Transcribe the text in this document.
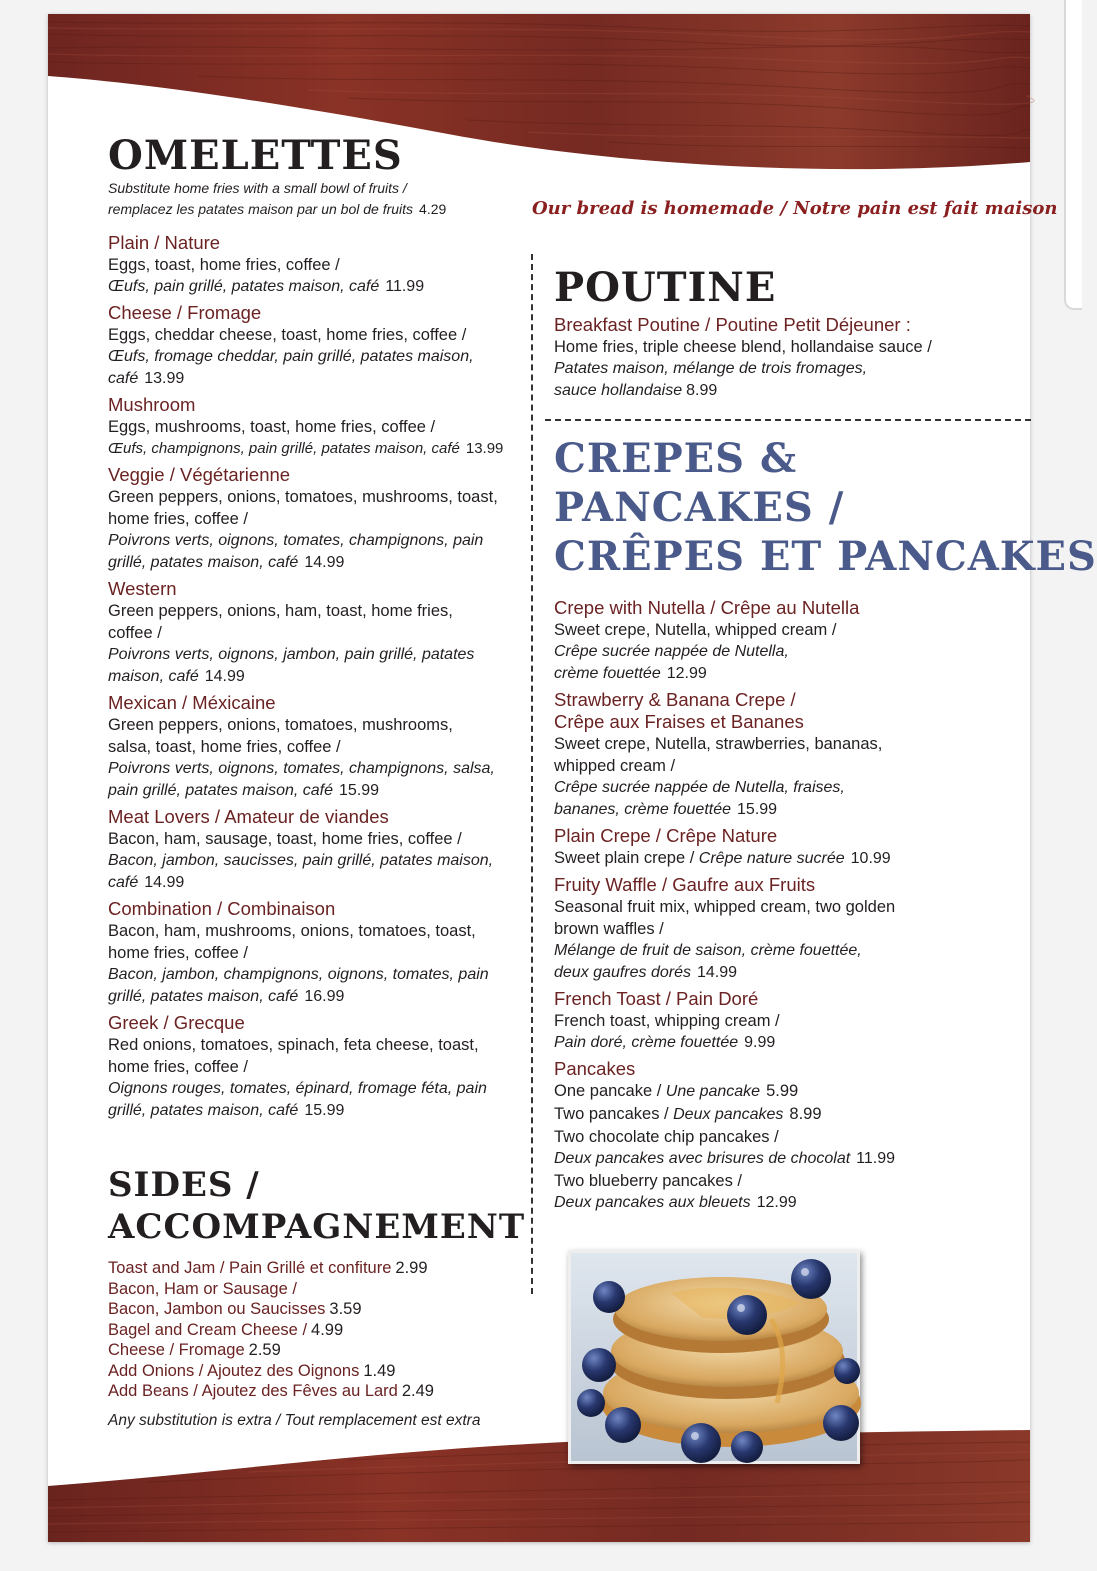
OMELETTES
Substitute home fries with a small bowl of fruits /
remplacez les patates maison par un bol de fruits 4.29
Plain / Nature
Eggs, toast, home fries, coffee /
Œufs, pain grillé, patates maison, café 11.99
Cheese / Fromage
Eggs, cheddar cheese, toast, home fries, coffee /
Œufs, fromage cheddar, pain grillé, patates maison, café 13.99
Mushroom
Eggs, mushrooms, toast, home fries, coffee /
Œufs, champignons, pain grillé, patates maison, café 13.99
Veggie / Végétarienne
Green peppers, onions, tomatoes, mushrooms, toast, home fries, coffee /
Poivrons verts, oignons, tomates, champignons, pain grillé, patates maison, café 14.99
Western
Green peppers, onions, ham, toast, home fries, coffee /
Poivrons verts, oignons, jambon, pain grillé, patates maison, café 14.99
Mexican / Méxicaine
Green peppers, onions, tomatoes, mushrooms, salsa, toast, home fries, coffee /
Poivrons verts, oignons, tomates, champignons, salsa, pain grillé, patates maison, café 15.99
Meat Lovers / Amateur de viandes
Bacon, ham, sausage, toast, home fries, coffee /
Bacon, jambon, saucisses, pain grillé, patates maison, café 14.99
Combination / Combinaison
Bacon, ham, mushrooms, onions, tomatoes, toast, home fries, coffee /
Bacon, jambon, champignons, oignons, tomates, pain grillé, patates maison, café 16.99
Greek / Grecque
Red onions, tomatoes, spinach, feta cheese, toast, home fries, coffee /
Oignons rouges, tomates, épinard, fromage féta, pain grillé, patates maison, café 15.99
SIDES /
ACCOMPAGNEMENT
Toast and Jam / Pain Grillé et confiture 2.99
Bacon, Ham or Sausage /
Bacon, Jambon ou Saucisses 3.59
Bagel and Cream Cheese / 4.99
Cheese / Fromage 2.59
Add Onions / Ajoutez des Oignons 1.49
Add Beans / Ajoutez des Fêves au Lard 2.49
Any substitution is extra / Tout remplacement est extra
Our bread is homemade / Notre pain est fait maison
POUTINE
Breakfast Poutine / Poutine Petit Déjeuner :
Home fries, triple cheese blend, hollandaise sauce /
Patates maison, mélange de trois fromages, sauce hollandaise 8.99
CREPES &
PANCAKES /
CRÊPES ET PANCAKES
Crepe with Nutella / Crêpe au Nutella
Sweet crepe, Nutella, whipped cream /
Crêpe sucrée nappée de Nutella, crème fouettée 12.99
Strawberry & Banana Crepe / Crêpe aux Fraises et Bananes
Sweet crepe, Nutella, strawberries, bananas, whipped cream /
Crêpe sucrée nappée de Nutella, fraises, bananes, crème fouettée 15.99
Plain Crepe / Crêpe Nature
Sweet plain crepe / Crêpe nature sucrée 10.99
Fruity Waffle / Gaufre aux Fruits
Seasonal fruit mix, whipped cream, two golden brown waffles /
Mélange de fruit de saison, crème fouettée, deux gaufres dorés 14.99
French Toast / Pain Doré
French toast, whipping cream /
Pain doré, crème fouettée 9.99
Pancakes
One pancake / Une pancake 5.99
Two pancakes / Deux pancakes 8.99
Two chocolate chip pancakes /
Deux pancakes avec brisures de chocolat 11.99
Two blueberry pancakes /
Deux pancakes aux bleuets 12.99
